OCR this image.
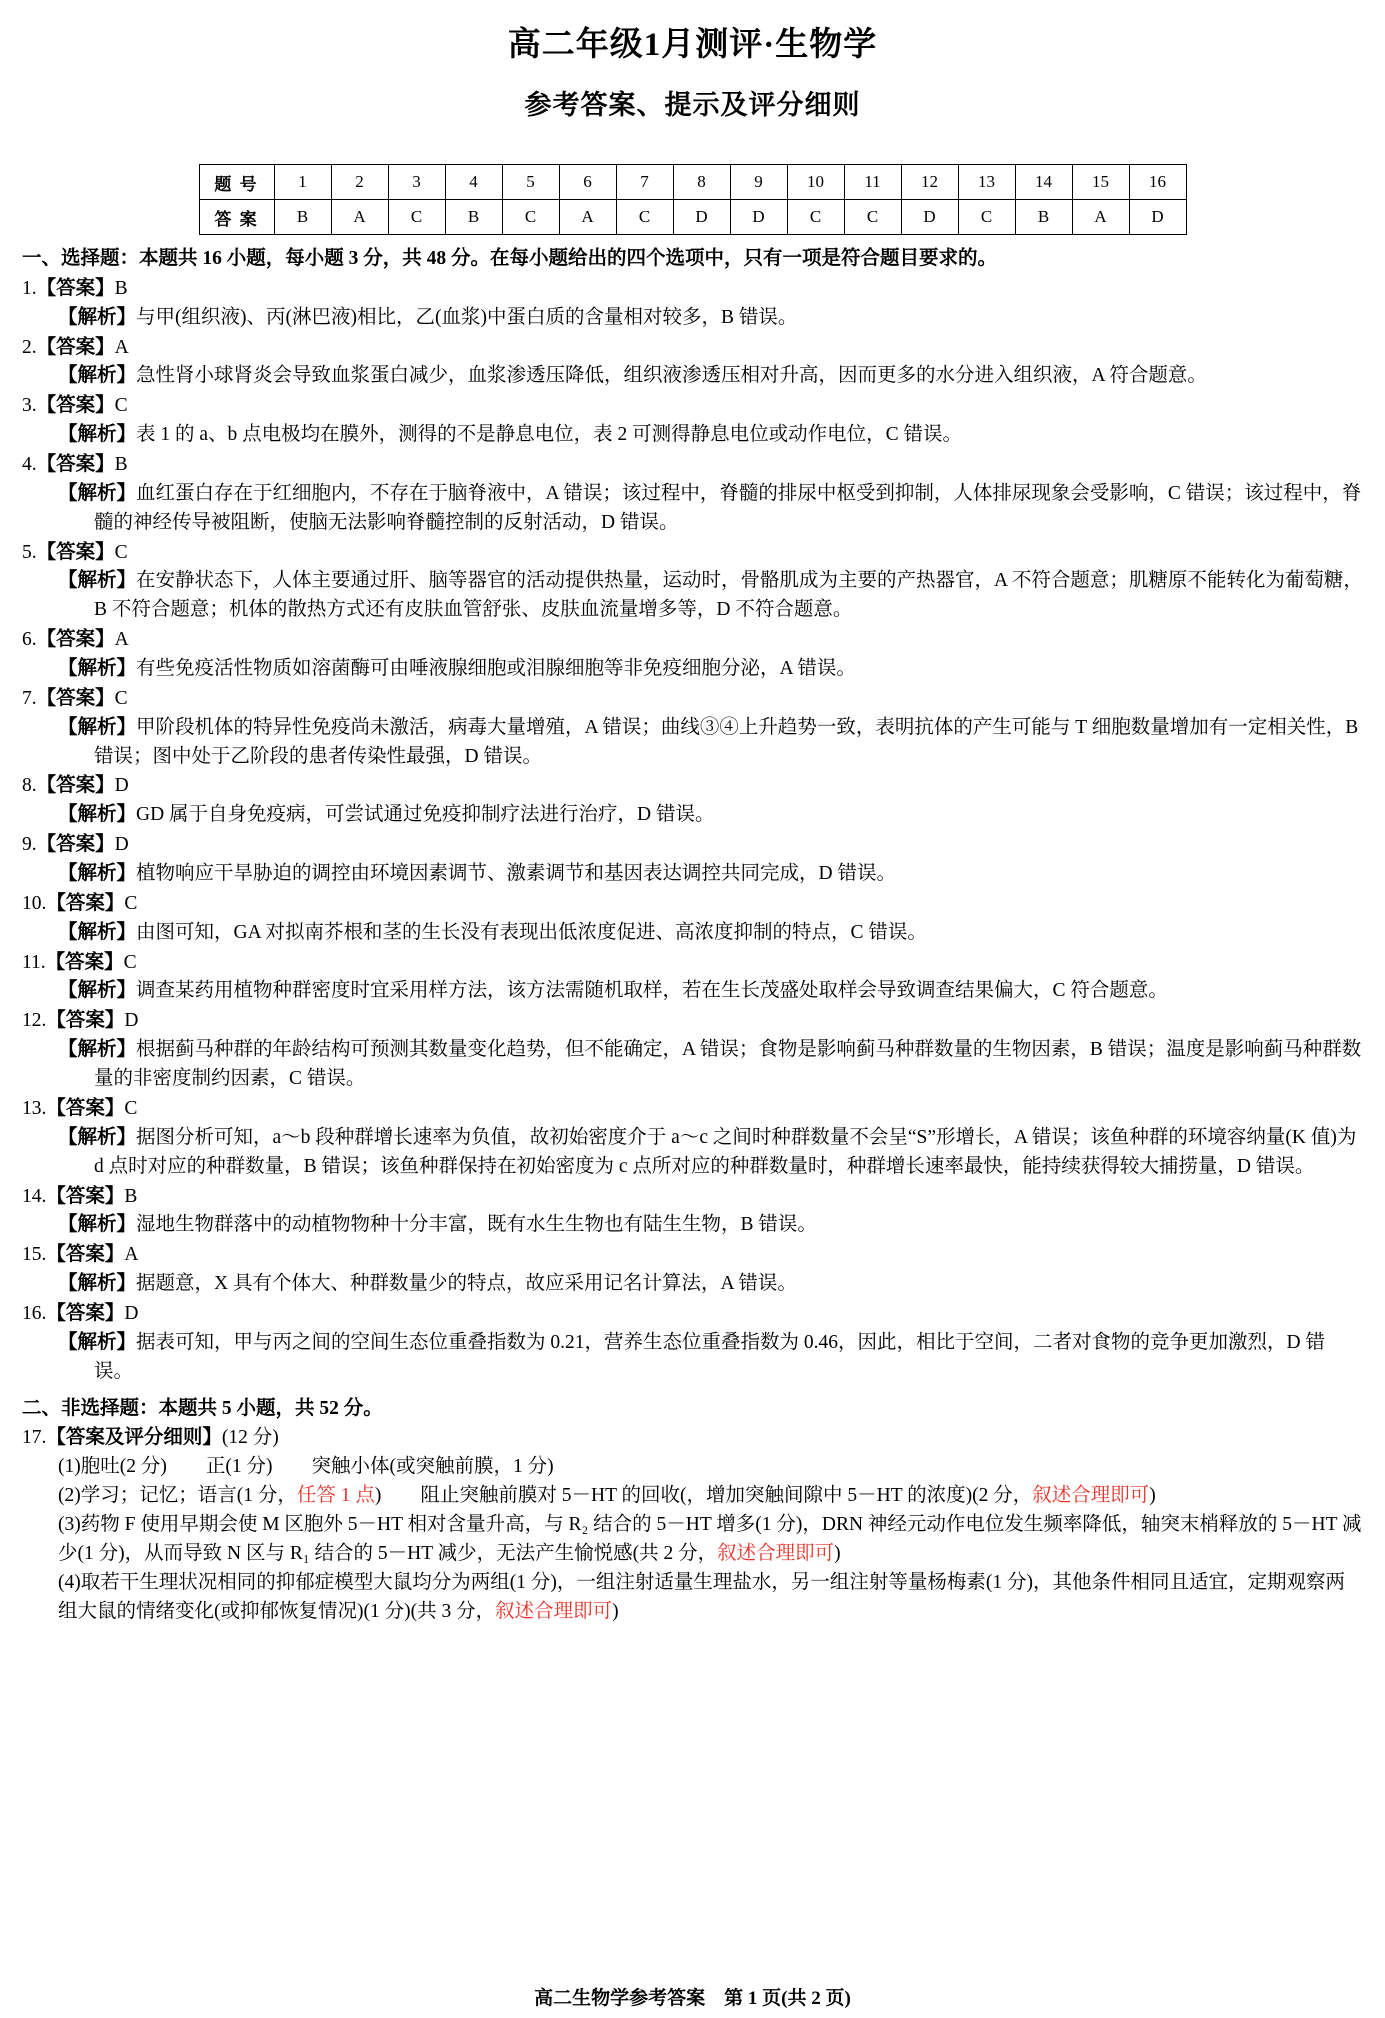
高二年级1月测评·生物学
参考答案、提示及评分细则
题 号	1	2	3	4	5	6	7	8	9	10	11	12	13	14	15	16
答 案	B	A	C	B	C	A	C	D	D	C	C	D	C	B	A	D
一、选择题：本题共 16 小题，每小题 3 分，共 48 分。在每小题给出的四个选项中，只有一项是符合题目要求的。
1.【答案】B
【解析】与甲(组织液)、丙(淋巴液)相比，乙(血浆)中蛋白质的含量相对较多，B 错误。
2.【答案】A
【解析】急性肾小球肾炎会导致血浆蛋白减少，血浆渗透压降低，组织液渗透压相对升高，因而更多的水分进入组织液，A 符合题意。
3.【答案】C
【解析】表 1 的 a、b 点电极均在膜外，测得的不是静息电位，表 2 可测得静息电位或动作电位，C 错误。
4.【答案】B
【解析】血红蛋白存在于红细胞内，不存在于脑脊液中，A 错误；该过程中，脊髓的排尿中枢受到抑制，人体排尿现象会受影响，C 错误；该过程中，脊髓的神经传导被阻断，使脑无法影响脊髓控制的反射活动，D 错误。
5.【答案】C
【解析】在安静状态下，人体主要通过肝、脑等器官的活动提供热量，运动时，骨骼肌成为主要的产热器官，A 不符合题意；肌糖原不能转化为葡萄糖，B 不符合题意；机体的散热方式还有皮肤血管舒张、皮肤血流量增多等，D 不符合题意。
6.【答案】A
【解析】有些免疫活性物质如溶菌酶可由唾液腺细胞或泪腺细胞等非免疫细胞分泌，A 错误。
7.【答案】C
【解析】甲阶段机体的特异性免疫尚未激活，病毒大量增殖，A 错误；曲线③④上升趋势一致，表明抗体的产生可能与 T 细胞数量增加有一定相关性，B 错误；图中处于乙阶段的患者传染性最强，D 错误。
8.【答案】D
【解析】GD 属于自身免疫病，可尝试通过免疫抑制疗法进行治疗，D 错误。
9.【答案】D
【解析】植物响应干旱胁迫的调控由环境因素调节、激素调节和基因表达调控共同完成，D 错误。
10.【答案】C
【解析】由图可知，GA 对拟南芥根和茎的生长没有表现出低浓度促进、高浓度抑制的特点，C 错误。
11.【答案】C
【解析】调查某药用植物种群密度时宜采用样方法，该方法需随机取样，若在生长茂盛处取样会导致调查结果偏大，C 符合题意。
12.【答案】D
【解析】根据蓟马种群的年龄结构可预测其数量变化趋势，但不能确定，A 错误；食物是影响蓟马种群数量的生物因素，B 错误；温度是影响蓟马种群数量的非密度制约因素，C 错误。
13.【答案】C
【解析】据图分析可知，a～b 段种群增长速率为负值，故初始密度介于 a～c 之间时种群数量不会呈“S”形增长，A 错误；该鱼种群的环境容纳量(K 值)为 d 点时对应的种群数量，B 错误；该鱼种群保持在初始密度为 c 点所对应的种群数量时，种群增长速率最快，能持续获得较大捕捞量，D 错误。
14.【答案】B
【解析】湿地生物群落中的动植物物种十分丰富，既有水生生物也有陆生生物，B 错误。
15.【答案】A
【解析】据题意，X 具有个体大、种群数量少的特点，故应采用记名计算法，A 错误。
16.【答案】D
【解析】据表可知，甲与丙之间的空间生态位重叠指数为 0.21，营养生态位重叠指数为 0.46，因此，相比于空间，二者对食物的竞争更加激烈，D 错误。
二、非选择题：本题共 5 小题，共 52 分。
17.【答案及评分细则】(12 分)
(1)胞吐(2 分)　　正(1 分)　　突触小体(或突触前膜，1 分)
(2)学习；记忆；语言(1 分，任答 1 点)　　阻止突触前膜对 5－HT 的回收(，增加突触间隙中 5－HT 的浓度)(2 分，叙述合理即可)
(3)药物 F 使用早期会使 M 区胞外 5－HT 相对含量升高，与 R₂ 结合的 5－HT 增多(1 分)，DRN 神经元动作电位发生频率降低，轴突末梢释放的 5－HT 减少(1 分)，从而导致 N 区与 R₁ 结合的 5－HT 减少，无法产生愉悦感(共 2 分，叙述合理即可)
(4)取若干生理状况相同的抑郁症模型大鼠均分为两组(1 分)，一组注射适量生理盐水，另一组注射等量杨梅素(1 分)，其他条件相同且适宜，定期观察两组大鼠的情绪变化(或抑郁恢复情况)(1 分)(共 3 分，叙述合理即可)
高二生物学参考答案　第 1 页(共 2 页)
